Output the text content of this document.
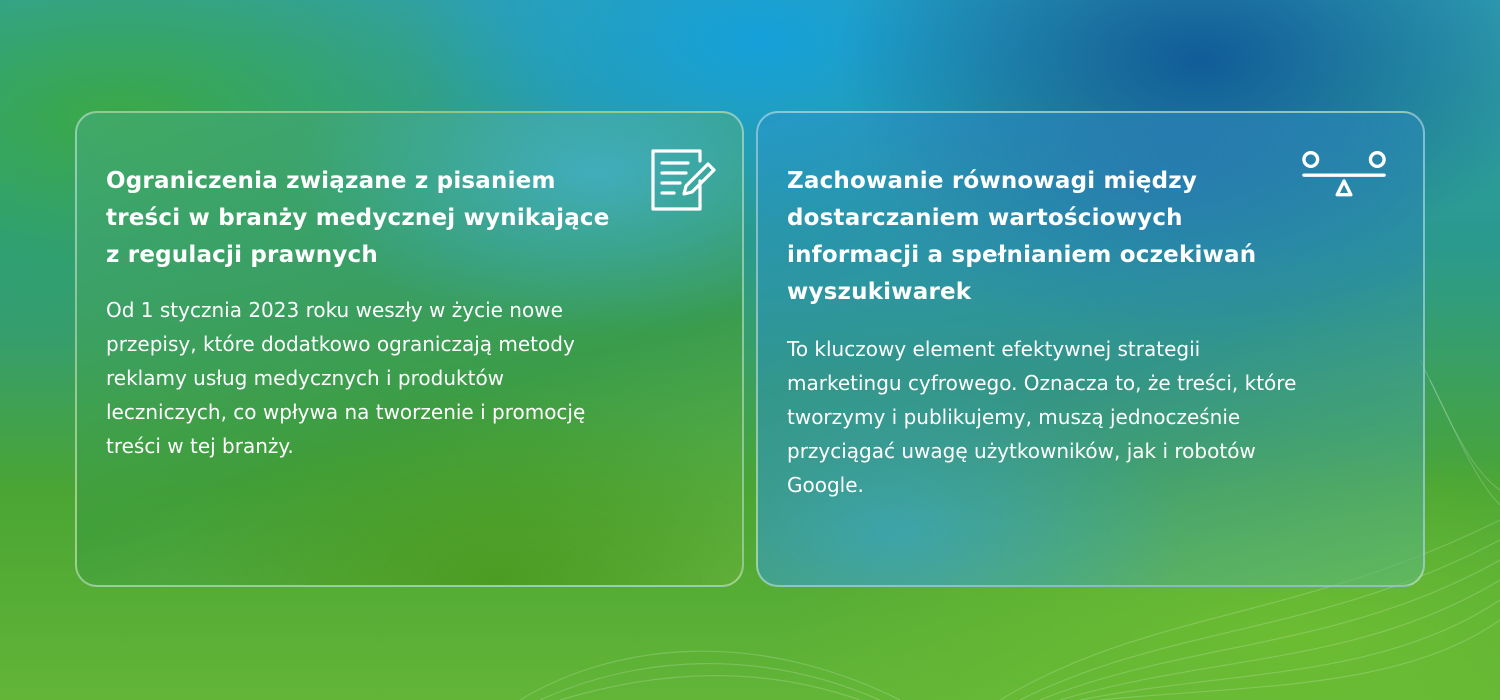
Ograniczenia związane z pisaniem treści w branży medycznej wynikające z regulacji prawnych

Od 1 stycznia 2023 roku weszły w życie nowe przepisy, które dodatkowo ograniczają metody reklamy usług medycznych i produktów leczniczych, co wpływa na tworzenie i promocję treści w tej branży.

Zachowanie równowagi między dostarczaniem wartościowych informacji a spełnianiem oczekiwań wyszukiwarek

To kluczowy element efektywnej strategii marketingu cyfrowego. Oznacza to, że treści, które tworzymy i publikujemy, muszą jednocześnie przyciągać uwagę użytkowników, jak i robotów Google.
